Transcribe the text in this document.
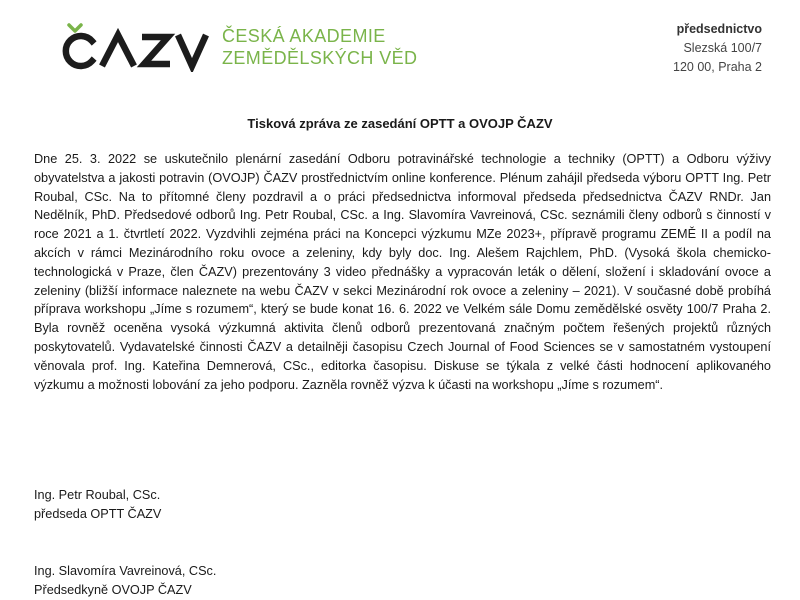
ČESKÁ AKADEMIE
ZEMĚDĚLSKÝCH VĚD
předsednictvo
Slezská 100/7
120 00, Praha 2
Tisková zpráva ze zasedání OPTT a OVOJP ČAZV

Dne 25. 3. 2022 se uskutečnilo plenární zasedání Odboru potravinářské technologie a techniky (OPTT) a Odboru výživy obyvatelstva a jakosti potravin (OVOJP) ČAZV prostřednictvím online konference. Plénum zahájil předseda výboru OPTT Ing. Petr Roubal, CSc. Na to přítomné členy pozdravil a o práci předsednictva informoval předseda předsednictva ČAZV RNDr. Jan Nedělník, PhD. Předsedové odborů Ing. Petr Roubal, CSc. a Ing. Slavomíra Vavreinová, CSc. seznámili členy odborů s činností v roce 2021 a 1. čtvrtletí 2022. Vyzdvihli zejména práci na Koncepci výzkumu MZe 2023+, přípravě programu ZEMĚ II a podíl na akcích v rámci Mezinárodního roku ovoce a zeleniny, kdy byly doc. Ing. Alešem Rajchlem, PhD. (Vysoká škola chemicko-technologická v Praze, člen ČAZV) prezentovány 3 video přednášky a vypracován leták o dělení, složení i skladování ovoce a zeleniny (bližší informace naleznete na webu ČAZV v sekci Mezinárodní rok ovoce a zeleniny – 2021). V současné době probíhá příprava workshopu „Jíme s rozumem“, který se bude konat 16. 6. 2022 ve Velkém sále Domu zemědělské osvěty 100/7 Praha 2. Byla rovněž oceněna vysoká výzkumná aktivita členů odborů prezentovaná značným počtem řešených projektů různých poskytovatelů. Vydavatelské činnosti ČAZV a detailněji časopisu Czech Journal of Food Sciences se v samostatném vystoupení věnovala prof. Ing. Kateřina Demnerová, CSc., editorka časopisu. Diskuse se týkala z velké části hodnocení aplikovaného výzkumu a možnosti lobování za jeho podporu. Zazněla rovněž výzva k účasti na workshopu „Jíme s rozumem“.

Ing. Petr Roubal, CSc.
předseda OPTT ČAZV
Ing. Slavomíra Vavreinová, CSc.
Předsedkyně OVOJP ČAZV
